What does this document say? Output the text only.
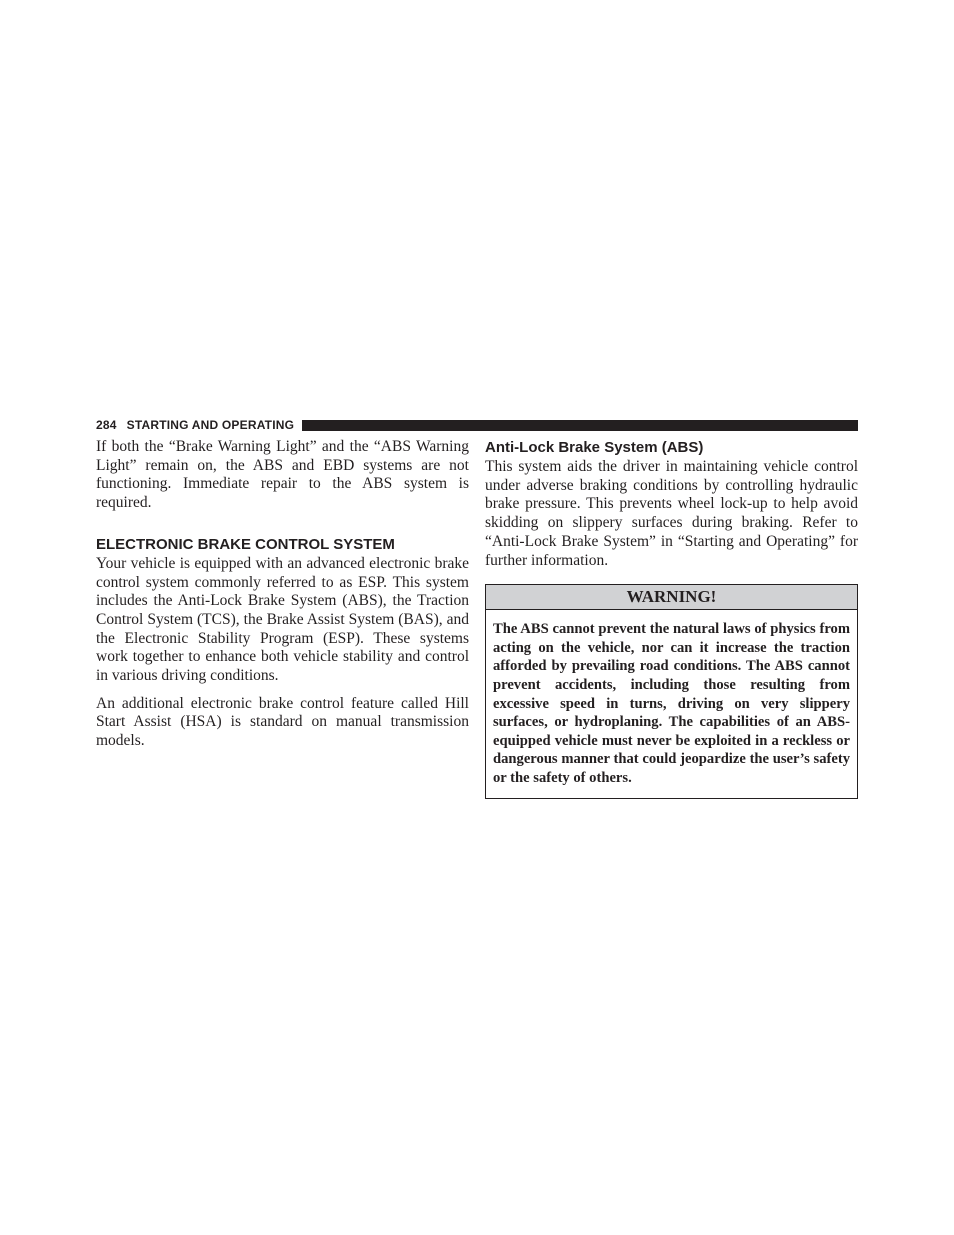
284 STARTING AND OPERATING

If both the “Brake Warning Light” and the “ABS Warning Light” remain on, the ABS and EBD systems are not functioning. Immediate repair to the ABS system is required.

ELECTRONIC BRAKE CONTROL SYSTEM

Your vehicle is equipped with an advanced electronic brake control system commonly referred to as ESP. This system includes the Anti-Lock Brake System (ABS), the Traction Control System (TCS), the Brake Assist System (BAS), and the Electronic Stability Program (ESP). These systems work together to enhance both vehicle stability and control in various driving conditions.

An additional electronic brake control feature called Hill Start Assist (HSA) is standard on manual transmission models.

Anti-Lock Brake System (ABS)

This system aids the driver in maintaining vehicle control under adverse braking conditions by controlling hydraulic brake pressure. This prevents wheel lock-up to help avoid skidding on slippery surfaces during braking. Refer to “Anti-Lock Brake System” in “Starting and Operating” for further information.

WARNING!
The ABS cannot prevent the natural laws of physics from acting on the vehicle, nor can it increase the traction afforded by prevailing road conditions. The ABS cannot prevent accidents, including those resulting from excessive speed in turns, driving on very slippery surfaces, or hydroplaning. The capabilities of an ABS-equipped vehicle must never be exploited in a reckless or dangerous manner that could jeopardize the user’s safety or the safety of others.
